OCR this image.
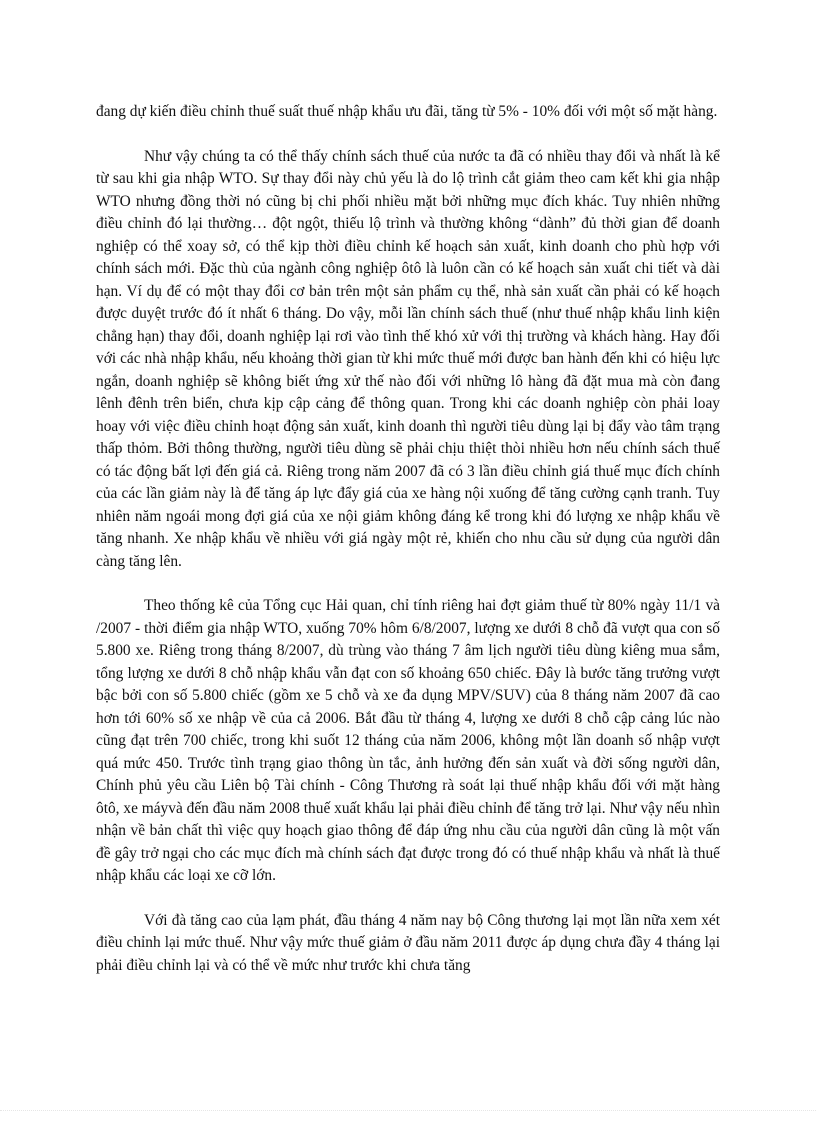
đang dự kiến điều chỉnh thuế suất thuế nhập khẩu ưu đãi, tăng từ 5% - 10% đối với một số mặt hàng.

Như vậy chúng ta có thể thấy chính sách thuế của nước ta đã có nhiều thay đổi và nhất là kể từ sau khi gia nhập WTO. Sự thay đổi này chủ yếu là do lộ trình cắt giảm theo cam kết khi gia nhập WTO nhưng đồng thời nó cũng bị chi phối nhiều mặt bởi những mục đích khác. Tuy nhiên những điều chỉnh đó lại thường… đột ngột, thiếu lộ trình và thường không “dành” đủ thời gian để doanh nghiệp có thể xoay sở, có thể kịp thời điều chỉnh kế hoạch sản xuất, kinh doanh cho phù hợp với chính sách mới. Đặc thù của ngành công nghiệp ôtô là luôn cần có kế hoạch sản xuất chi tiết và dài hạn. Ví dụ để có một thay đổi cơ bản trên một sản phẩm cụ thể, nhà sản xuất cần phải có kế hoạch được duyệt trước đó ít nhất 6 tháng. Do vậy, mỗi lần chính sách thuế (như thuế nhập khẩu linh kiện chẳng hạn) thay đổi, doanh nghiệp lại rơi vào tình thế khó xử với thị trường và khách hàng. Hay đối với các nhà nhập khẩu, nếu khoảng thời gian từ khi mức thuế mới được ban hành đến khi có hiệu lực ngắn, doanh nghiệp sẽ không biết ứng xử thế nào đối với những lô hàng đã đặt mua mà còn đang lênh đênh trên biển, chưa kịp cập cảng để thông quan. Trong khi các doanh nghiệp còn phải loay hoay với việc điều chỉnh hoạt động sản xuất, kinh doanh thì người tiêu dùng lại bị đẩy vào tâm trạng thấp thỏm. Bởi thông thường, người tiêu dùng sẽ phải chịu thiệt thòi nhiều hơn nếu chính sách thuế có tác động bất lợi đến giá cả. Riêng trong năm 2007 đã có 3 lần điều chỉnh giá thuế mục đích chính của các lần giảm này là để tăng áp lực đẩy giá của xe hàng nội xuống để tăng cường cạnh tranh. Tuy nhiên năm ngoái mong đợi giá của xe nội giảm không đáng kể trong khi đó lượng xe nhập khẩu về tăng nhanh. Xe nhập khẩu về nhiều với giá ngày một rẻ, khiến cho nhu cầu sử dụng của người dân càng tăng lên.

Theo thống kê của Tổng cục Hải quan, chỉ tính riêng hai đợt giảm thuế từ 80% ngày 11/1 và /2007 - thời điểm gia nhập WTO, xuống 70% hôm 6/8/2007, lượng xe dưới 8 chỗ đã vượt qua con số 5.800 xe. Riêng trong tháng 8/2007, dù trùng vào tháng 7 âm lịch người tiêu dùng kiêng mua sắm, tổng lượng xe dưới 8 chỗ nhập khẩu vẫn đạt con số khoảng 650 chiếc. Đây là bước tăng trưởng vượt bậc bởi con số 5.800 chiếc (gồm xe 5 chỗ và xe đa dụng MPV/SUV) của 8 tháng năm 2007 đã cao hơn tới 60% số xe nhập về của cả 2006. Bắt đầu từ tháng 4, lượng xe dưới 8 chỗ cập cảng lúc nào cũng đạt trên 700 chiếc, trong khi suốt 12 tháng của năm 2006, không một lần doanh số nhập vượt quá mức 450. Trước tình trạng giao thông ùn tắc, ảnh hưởng đến sản xuất và đời sống người dân, Chính phủ yêu cầu Liên bộ Tài chính - Công Thương rà soát lại thuế nhập khẩu đối với mặt hàng ôtô, xe máyvà đến đầu năm 2008 thuế xuất khẩu lại phải điều chỉnh để tăng trở lại. Như vậy nếu nhìn nhận về bản chất thì việc quy hoạch giao thông để đáp ứng nhu cầu của người dân cũng là một vấn đề gây trở ngại cho các mục đích mà chính sách đạt được trong đó có thuế nhập khẩu và nhất là thuế nhập khẩu các loại xe cỡ lớn.

Với đà tăng cao của lạm phát, đầu tháng 4 năm nay bộ Công thương lại mọt lần nữa xem xét điều chỉnh lại mức thuế. Như vậy mức thuế giảm ở đầu năm 2011 được áp dụng chưa đầy 4 tháng lại phải điều chỉnh lại và có thể về mức như trước khi chưa tăng
